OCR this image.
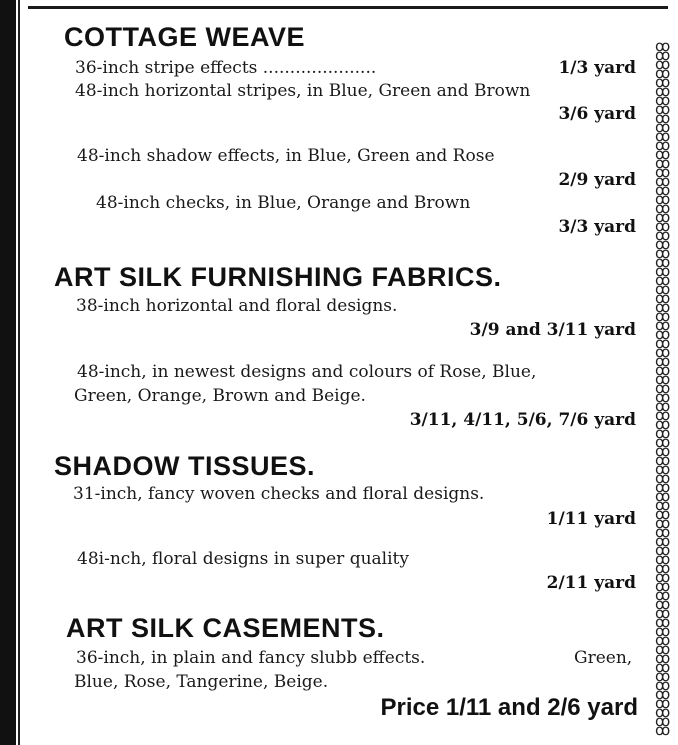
ꝏꝏꝏꝏꝏꝏꝏꝏꝏꝏꝏꝏꝏꝏꝏꝏꝏꝏꝏꝏꝏꝏꝏꝏꝏꝏꝏꝏꝏꝏꝏꝏꝏꝏꝏꝏꝏꝏꝏꝏꝏꝏꝏꝏꝏꝏꝏꝏꝏꝏꝏꝏꝏꝏꝏꝏꝏꝏꝏꝏꝏꝏꝏꝏꝏꝏꝏꝏꝏꝏꝏꝏꝏꝏꝏꝏꝏ
COTTAGE WEAVE
36-inch stripe effects .....................	1/3 yard
48-inch horizontal stripes, in Blue, Green and Brown
3/6 yard
48-inch shadow effects, in Blue, Green and Rose
2/9 yard
48-inch checks, in Blue, Orange and Brown
3/3 yard
ART SILK FURNISHING FABRICS.
38-inch horizontal and floral designs.
3/9 and 3/11 yard
48-inch, in newest designs and colours of Rose, Blue,
Green, Orange, Brown and Beige.
3/11, 4/11, 5/6, 7/6 yard
SHADOW TISSUES.
31-inch, fancy woven checks and floral designs.
1/11 yard
48i-nch, floral designs in super quality
2/11 yard
ART SILK CASEMENTS.
36-inch, in plain and fancy slubb effects.	Green,
Blue, Rose, Tangerine, Beige.
Price 1/11 and 2/6 yard
